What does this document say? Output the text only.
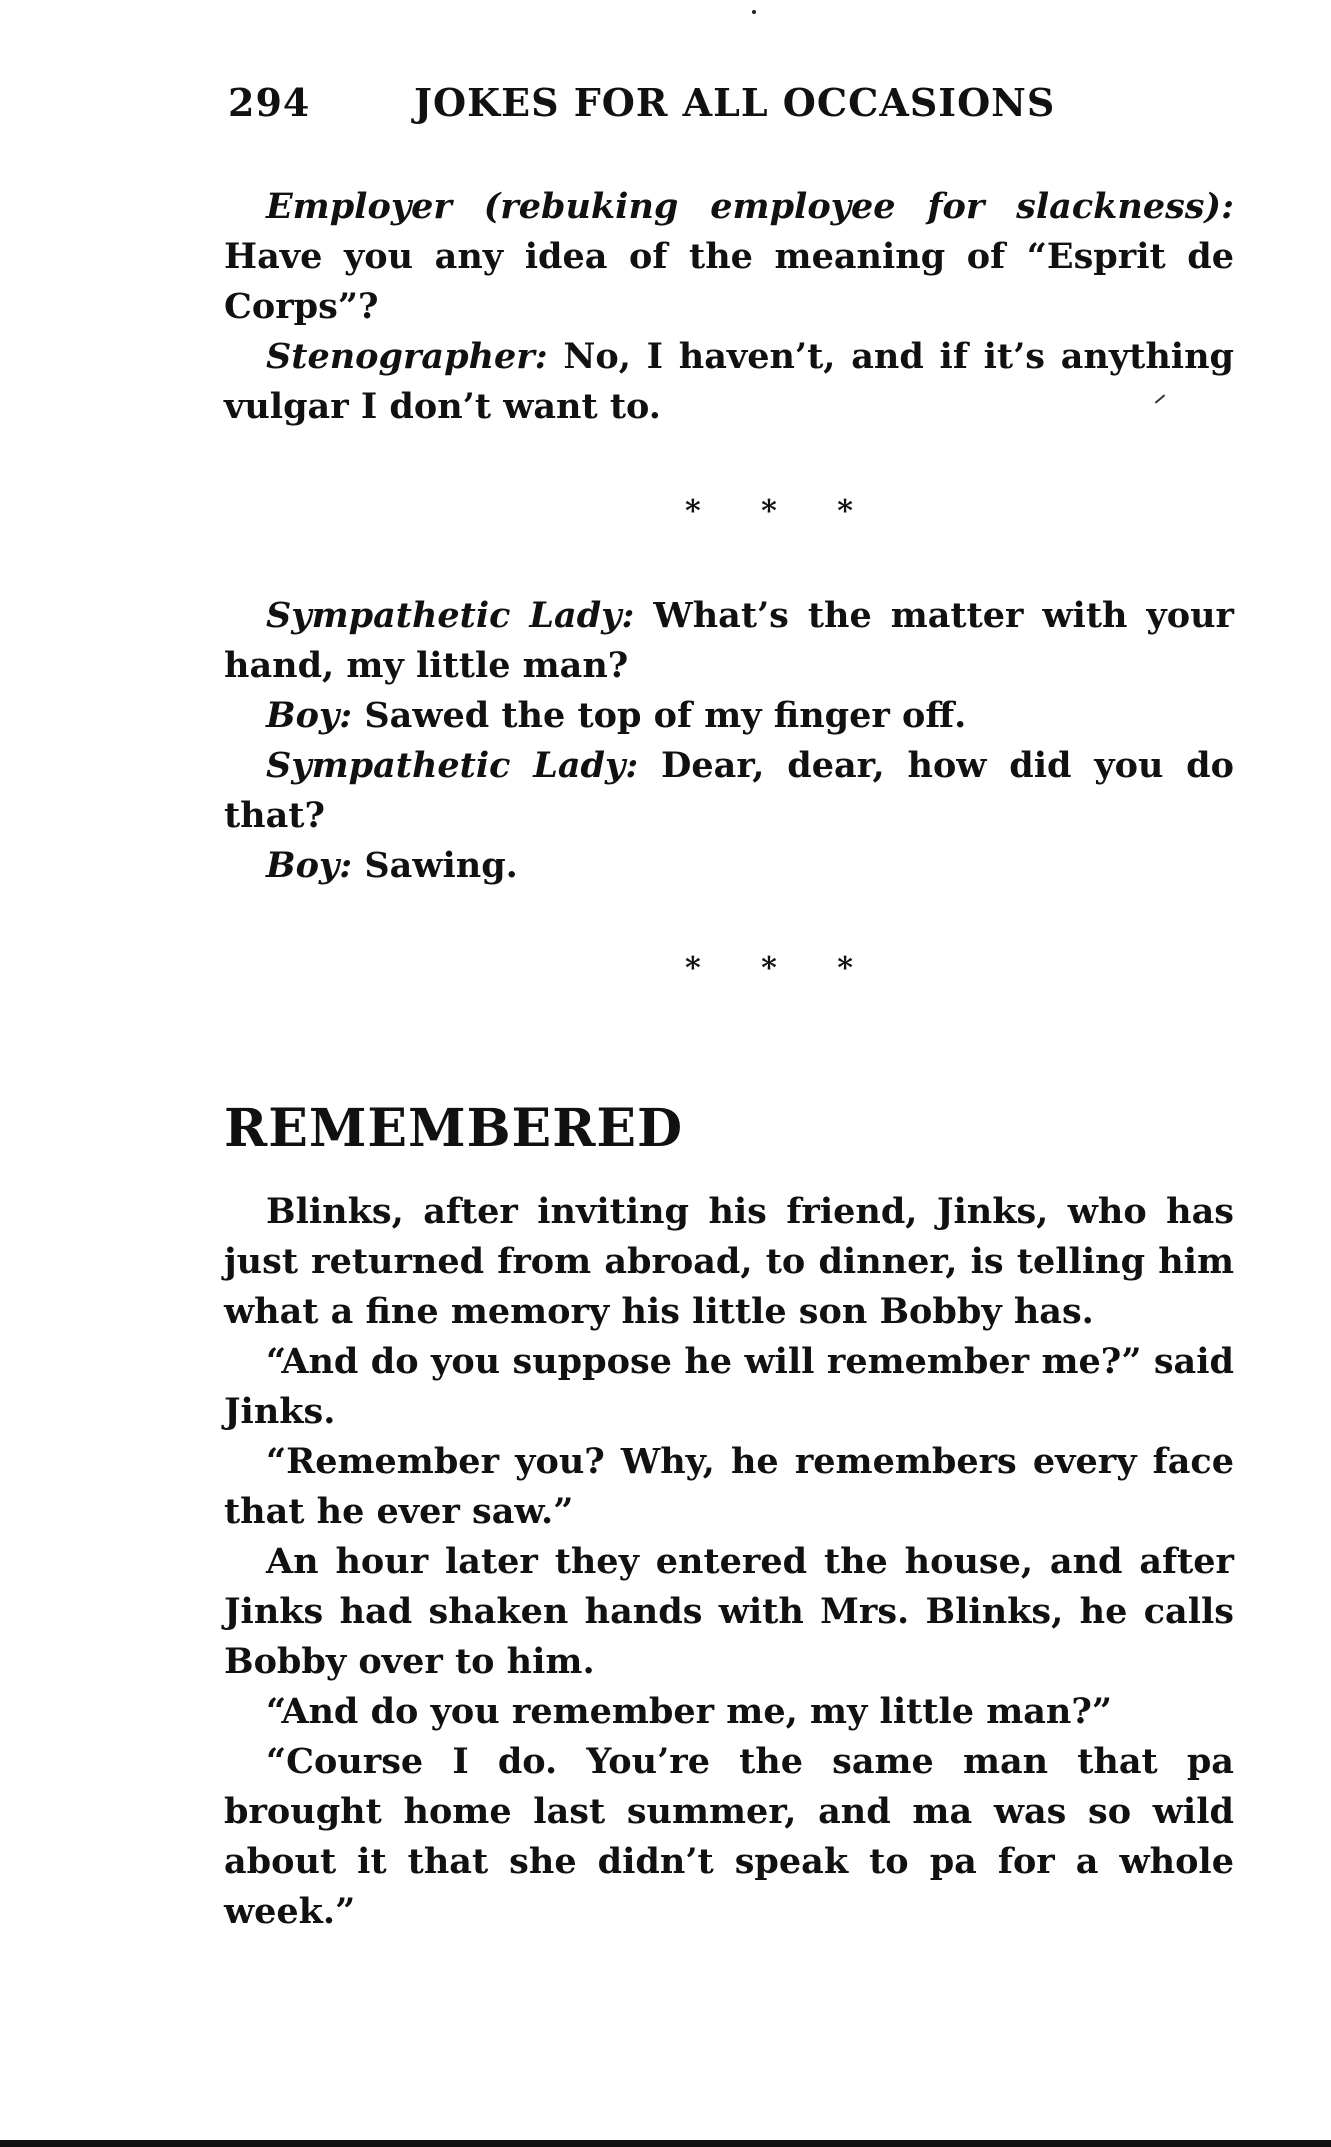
294	JOKES FOR ALL OCCASIONS

Employer (rebuking employee for slackness): Have you any idea of the meaning of “Esprit de Corps”?

Stenographer: No, I haven’t, and if it’s anything vulgar I don’t want to.

* * *

Sympathetic Lady: What’s the matter with your hand, my little man?

Boy: Sawed the top of my finger off.

Sympathetic Lady: Dear, dear, how did you do that?

Boy: Sawing.

* * *
REMEMBERED

Blinks, after inviting his friend, Jinks, who has just returned from abroad, to dinner, is telling him what a fine memory his little son Bobby has.

“And do you suppose he will remember me?” said Jinks.

“Remember you? Why, he remembers every face that he ever saw.”

An hour later they entered the house, and after Jinks had shaken hands with Mrs. Blinks, he calls Bobby over to him.

“And do you remember me, my little man?”

“Course I do. You’re the same man that pa brought home last summer, and ma was so wild about it that she didn’t speak to pa for a whole week.”
